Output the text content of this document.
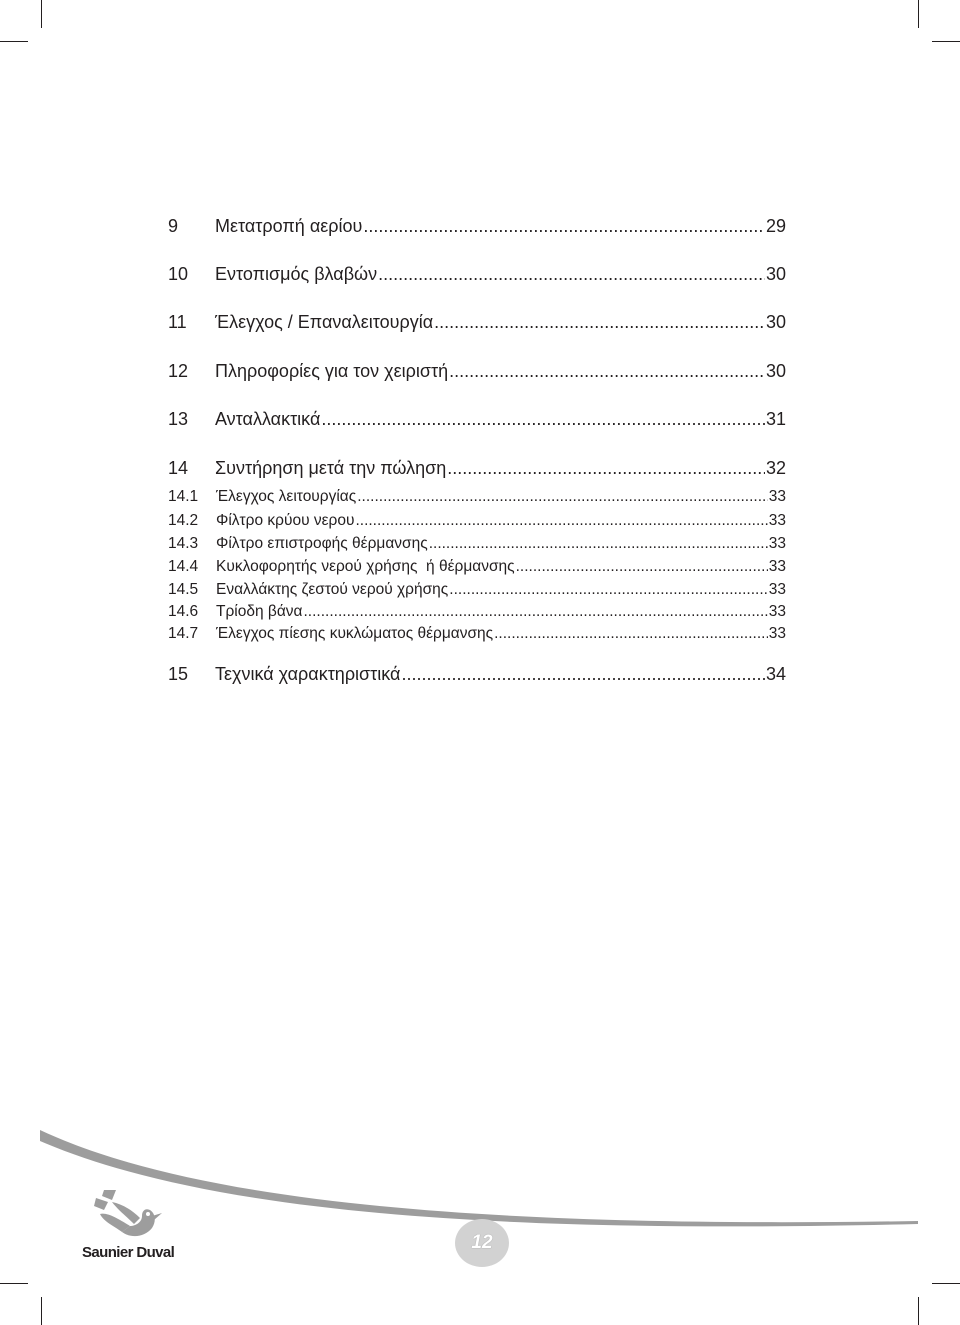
9	Μετατροπή αερίου .....	29
10	Εντοπισμός βλαβών .....	30
11	Έλεγχος / Επαναλειτουργία .....	30
12	Πληροφορίες για τον χειριστή .....	30
13	Ανταλλακτικά .....	31
14	Συντήρηση μετά την πώληση .....	32
14.1	Έλεγχος λειτουργίας .....	33
14.2	Φίλτρο κρύου νερου .....	33
14.3	Φίλτρο επιστροφής θέρμανσης .....	33
14.4	Κυκλοφορητής νερού χρήσης  ή θέρμανσης .....	33
14.5	Εναλλάκτης ζεστού νερού χρήσης .....	33
14.6	Τρίοδη βάνα .....	33
14.7	Έλεγχος πίεσης κυκλώματος θέρμανσης .....	33
15	Τεχνικά χαρακτηριστικά .....	34
Saunier Duval	12
